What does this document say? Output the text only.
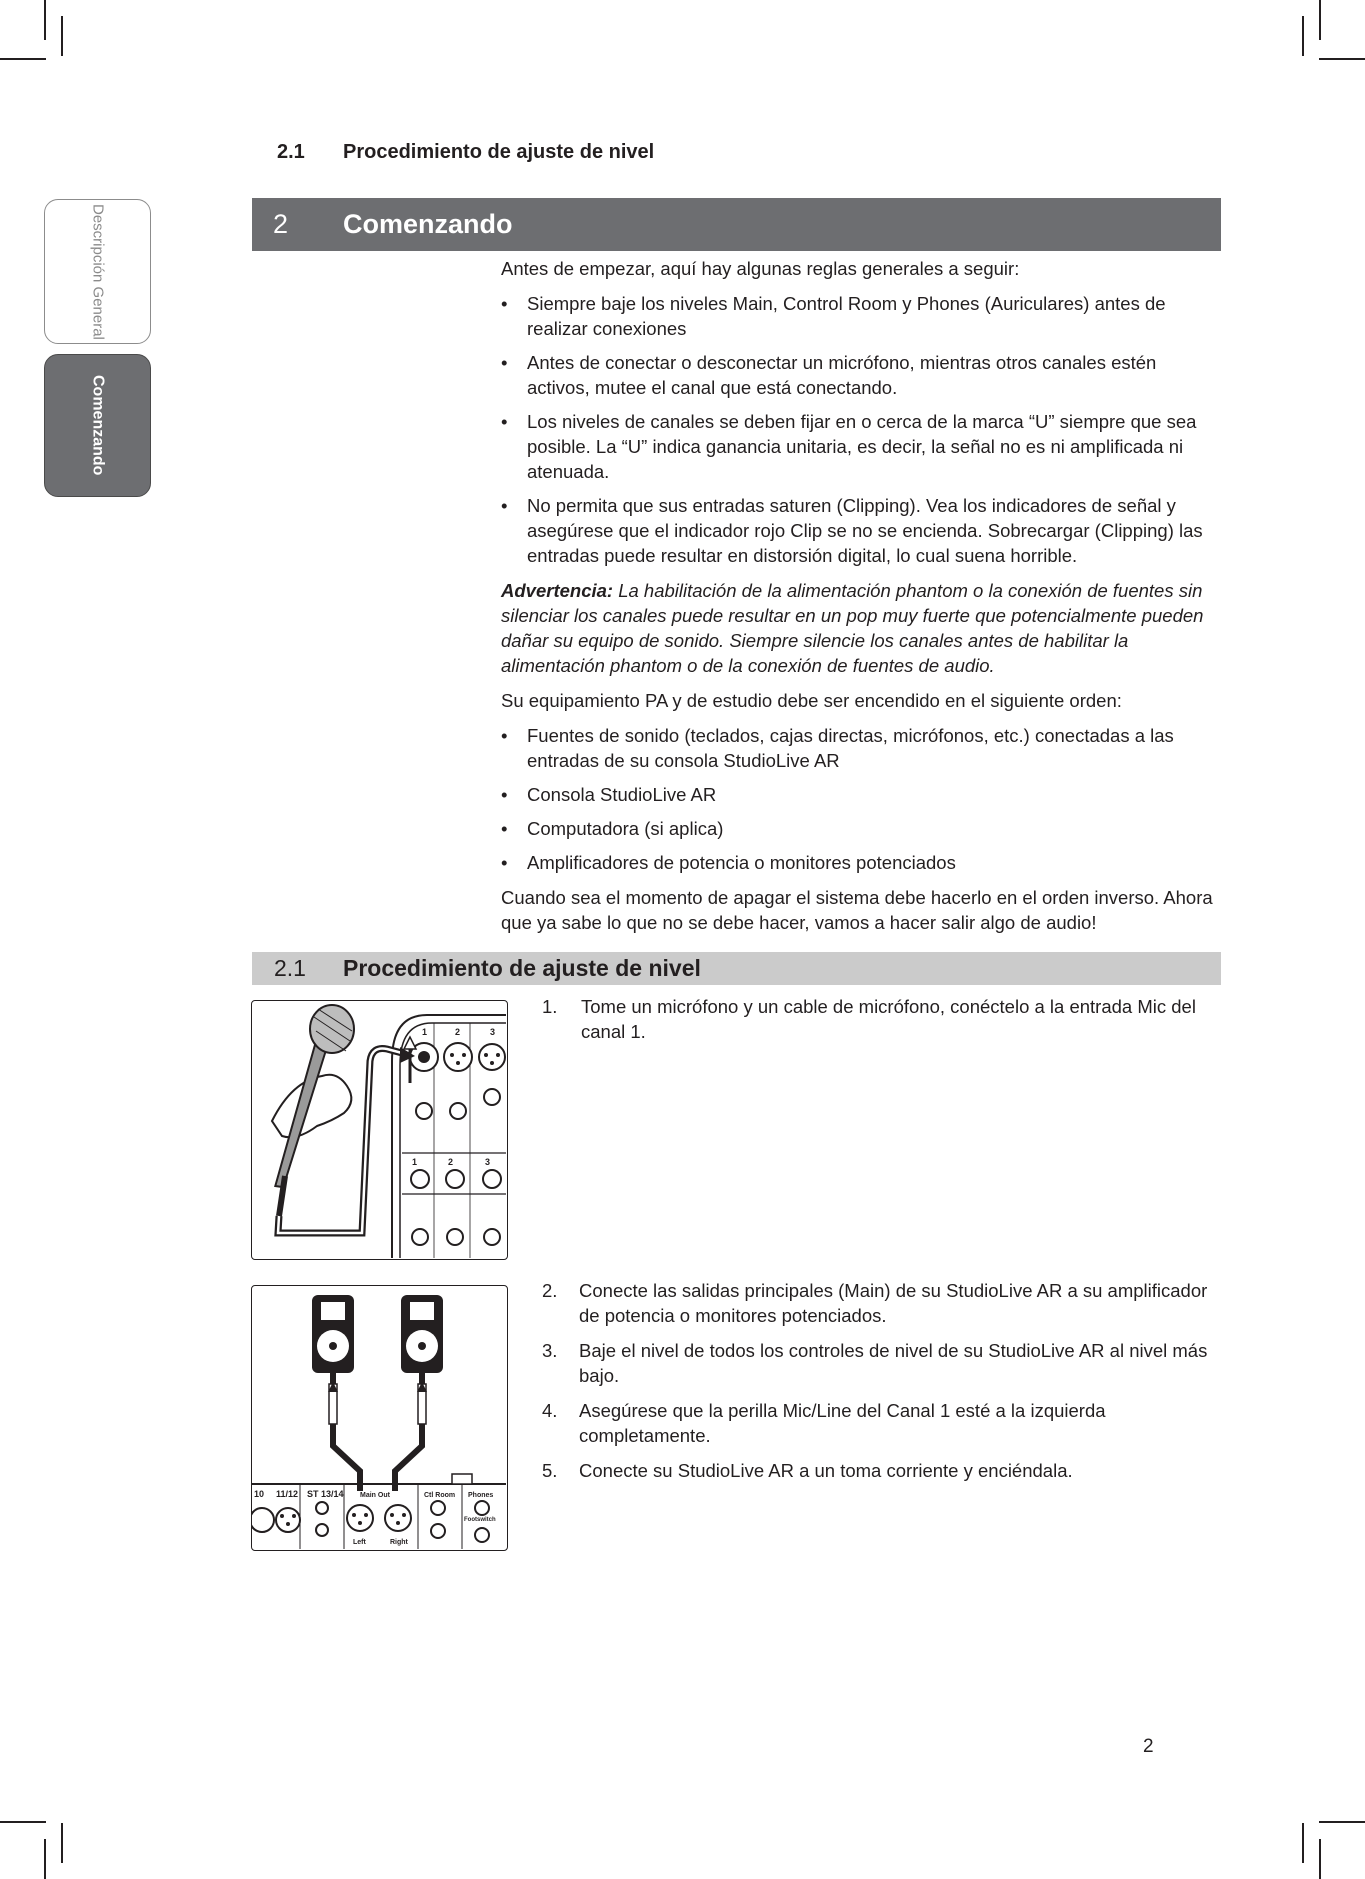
2.1 Procedimiento de ajuste de nivel
Descripción General
Comenzando
2	Comenzando

Antes de empezar, aquí hay algunas reglas generales a seguir:

• Siempre baje los niveles Main, Control Room y Phones (Auriculares) antes de realizar conexiones
• Antes de conectar o desconectar un micrófono, mientras otros canales estén activos, mutee el canal que está conectando.
• Los niveles de canales se deben fijar en o cerca de la marca “U” siempre que sea posible. La “U” indica ganancia unitaria, es decir, la señal no es ni amplificada ni atenuada.
• No permita que sus entradas saturen (Clipping). Vea los indicadores de señal y asegúrese que el indicador rojo Clip se no se encienda. Sobrecargar (Clipping) las entradas puede resultar en distorsión digital, lo cual suena horrible.

Advertencia: La habilitación de la alimentación phantom o la conexión de fuentes sin silenciar los canales puede resultar en un pop muy fuerte que potencialmente pueden dañar su equipo de sonido. Siempre silencie los canales antes de habilitar la alimentación phantom o de la conexión de fuentes de audio.

Su equipamiento PA y de estudio debe ser encendido en el siguiente orden:

• Fuentes de sonido (teclados, cajas directas, micrófonos, etc.) conectadas a las entradas de su consola StudioLive AR
• Consola StudioLive AR
• Computadora (si aplica)
• Amplificadores de potencia o monitores potenciados

Cuando sea el momento de apagar el sistema debe hacerlo en el orden inverso. Ahora que ya sabe lo que no se debe hacer, vamos a hacer salir algo de audio!

2.1	Procedimiento de ajuste de nivel
1	2	3
1	2	3
1.	Tome un micrófono y un cable de micrófono, conéctelo a la entrada Mic del canal 1.
10 11/12 ST 13/14 Main Out	Ctl Room Phones
Left	Right
Footswitch
2.	Conecte las salidas principales (Main) de su StudioLive AR a su amplificador de potencia o monitores potenciados.
3.	Baje el nivel de todos los controles de nivel de su StudioLive AR al nivel más bajo.
4.	Asegúrese que la perilla Mic/Line del Canal 1 esté a la izquierda completamente.
5.	Conecte su StudioLive AR a un toma corriente y enciéndala.
2
